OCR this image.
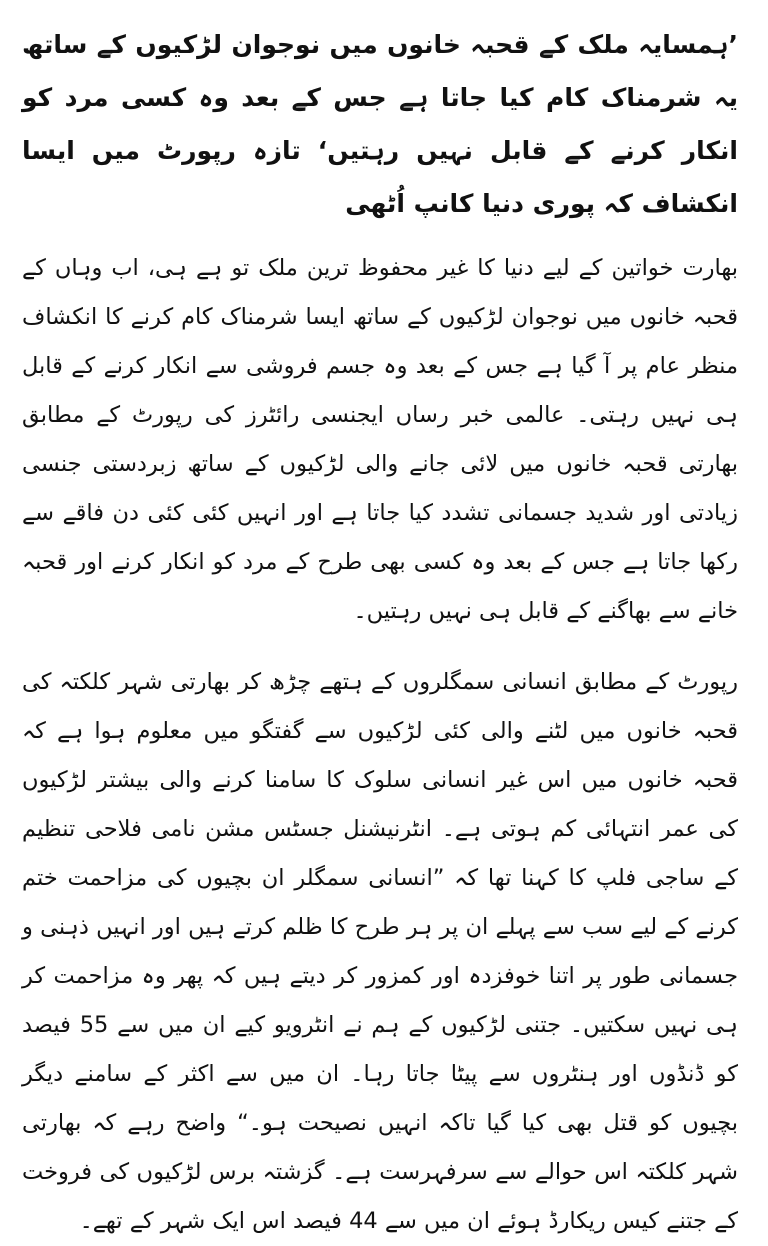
’ہمسایہ ملک کے قحبہ خانوں میں نوجوان لڑکیوں کے ساتھ یہ شرمناک کام کیا جاتا ہے جس کے بعد وہ کسی مرد کو انکار کرنے کے قابل نہیں رہتیں‘ تازہ رپورٹ میں ایسا انکشاف کہ پوری دنیا کانپ اُٹھی

بھارت خواتین کے لیے دنیا کا غیر محفوظ ترین ملک تو ہے ہی، اب وہاں کے قحبہ خانوں میں نوجوان لڑکیوں کے ساتھ ایسا شرمناک کام کرنے کا انکشاف منظر عام پر آ گیا ہے جس کے بعد وہ جسم فروشی سے انکار کرنے کے قابل ہی نہیں رہتی۔ عالمی خبر رساں ایجنسی رائٹرز کی رپورٹ کے مطابق بھارتی قحبہ خانوں میں لائی جانے والی لڑکیوں کے ساتھ زبردستی جنسی زیادتی اور شدید جسمانی تشدد کیا جاتا ہے اور انہیں کئی کئی دن فاقے سے رکھا جاتا ہے جس کے بعد وہ کسی بھی طرح کے مرد کو انکار کرنے اور قحبہ خانے سے بھاگنے کے قابل ہی نہیں رہتیں۔

رپورٹ کے مطابق انسانی سمگلروں کے ہتھے چڑھ کر بھارتی شہر کلکتہ کی قحبہ خانوں میں لٹنے والی کئی لڑکیوں سے گفتگو میں معلوم ہوا ہے کہ قحبہ خانوں میں اس غیر انسانی سلوک کا سامنا کرنے والی بیشتر لڑکیوں کی عمر انتہائی کم ہوتی ہے۔ انٹرنیشنل جسٹس مشن نامی فلاحی تنظیم کے ساجی فلپ کا کہنا تھا کہ ”انسانی سمگلر ان بچیوں کی مزاحمت ختم کرنے کے لیے سب سے پہلے ان پر ہر طرح کا ظلم کرتے ہیں اور انہیں ذہنی و جسمانی طور پر اتنا خوفزدہ اور کمزور کر دیتے ہیں کہ پھر وہ مزاحمت کر ہی نہیں سکتیں۔ جتنی لڑکیوں کے ہم نے انٹرویو کیے ان میں سے 55 فیصد کو ڈنڈوں اور ہنٹروں سے پیٹا جاتا رہا۔ ان میں سے اکثر کے سامنے دیگر بچیوں کو قتل بھی کیا گیا تاکہ انہیں نصیحت ہو۔“ واضح رہے کہ بھارتی شہر کلکتہ اس حوالے سے سرفہرست ہے۔ گزشتہ برس لڑکیوں کی فروخت کے جتنے کیس ریکارڈ ہوئے ان میں سے 44 فیصد اس ایک شہر کے تھے۔
